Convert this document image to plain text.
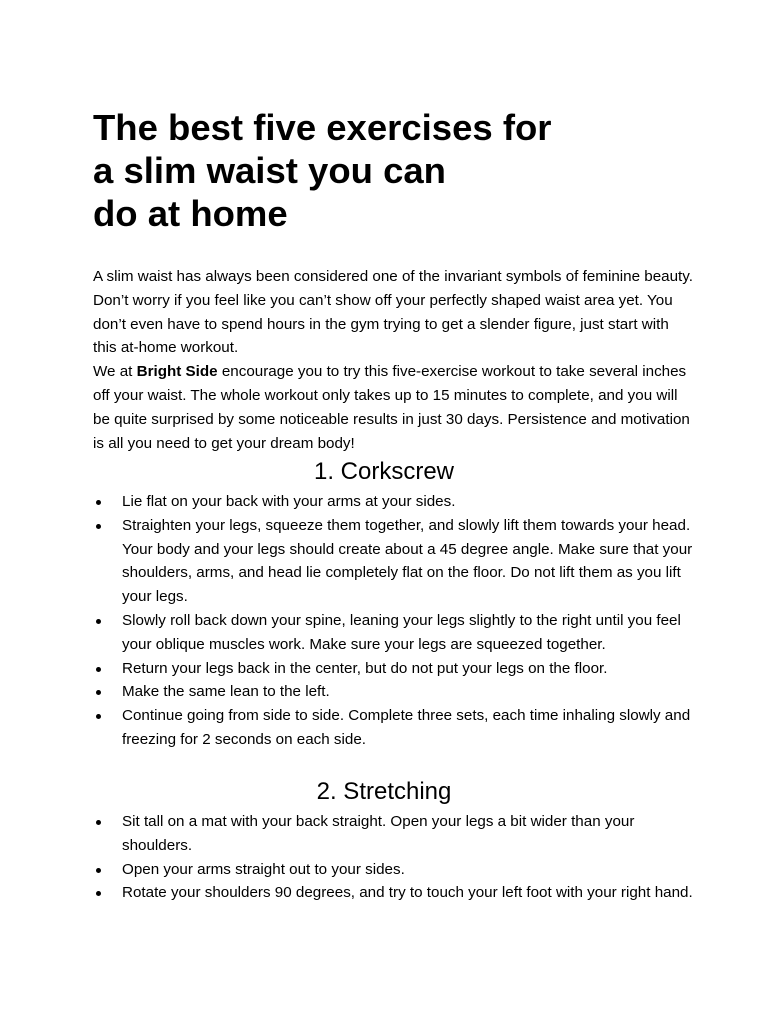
The best five exercises for
a slim waist you can
do at home

A slim waist has always been considered one of the invariant symbols of feminine beauty. Don’t worry if you feel like you can’t show off your perfectly shaped waist area yet. You don’t even have to spend hours in the gym trying to get a slender figure, just start with this at-home workout.

We at Bright Side encourage you to try this five-exercise workout to take several inches off your waist. The whole workout only takes up to 15 minutes to complete, and you will be quite surprised by some noticeable results in just 30 days. Persistence and motivation is all you need to get your dream body!

1. Corkscrew
Lie flat on your back with your arms at your sides.
Straighten your legs, squeeze them together, and slowly lift them towards your head. Your body and your legs should create about a 45 degree angle. Make sure that your shoulders, arms, and head lie completely flat on the floor. Do not lift them as you lift your legs.
Slowly roll back down your spine, leaning your legs slightly to the right until you feel your oblique muscles work. Make sure your legs are squeezed together.
Return your legs back in the center, but do not put your legs on the floor.
Make the same lean to the left.
Continue going from side to side. Complete three sets, each time inhaling slowly and freezing for 2 seconds on each side.
2. Stretching
Sit tall on a mat with your back straight. Open your legs a bit wider than your shoulders.
Open your arms straight out to your sides.
Rotate your shoulders 90 degrees, and try to touch your left foot with your right hand.
